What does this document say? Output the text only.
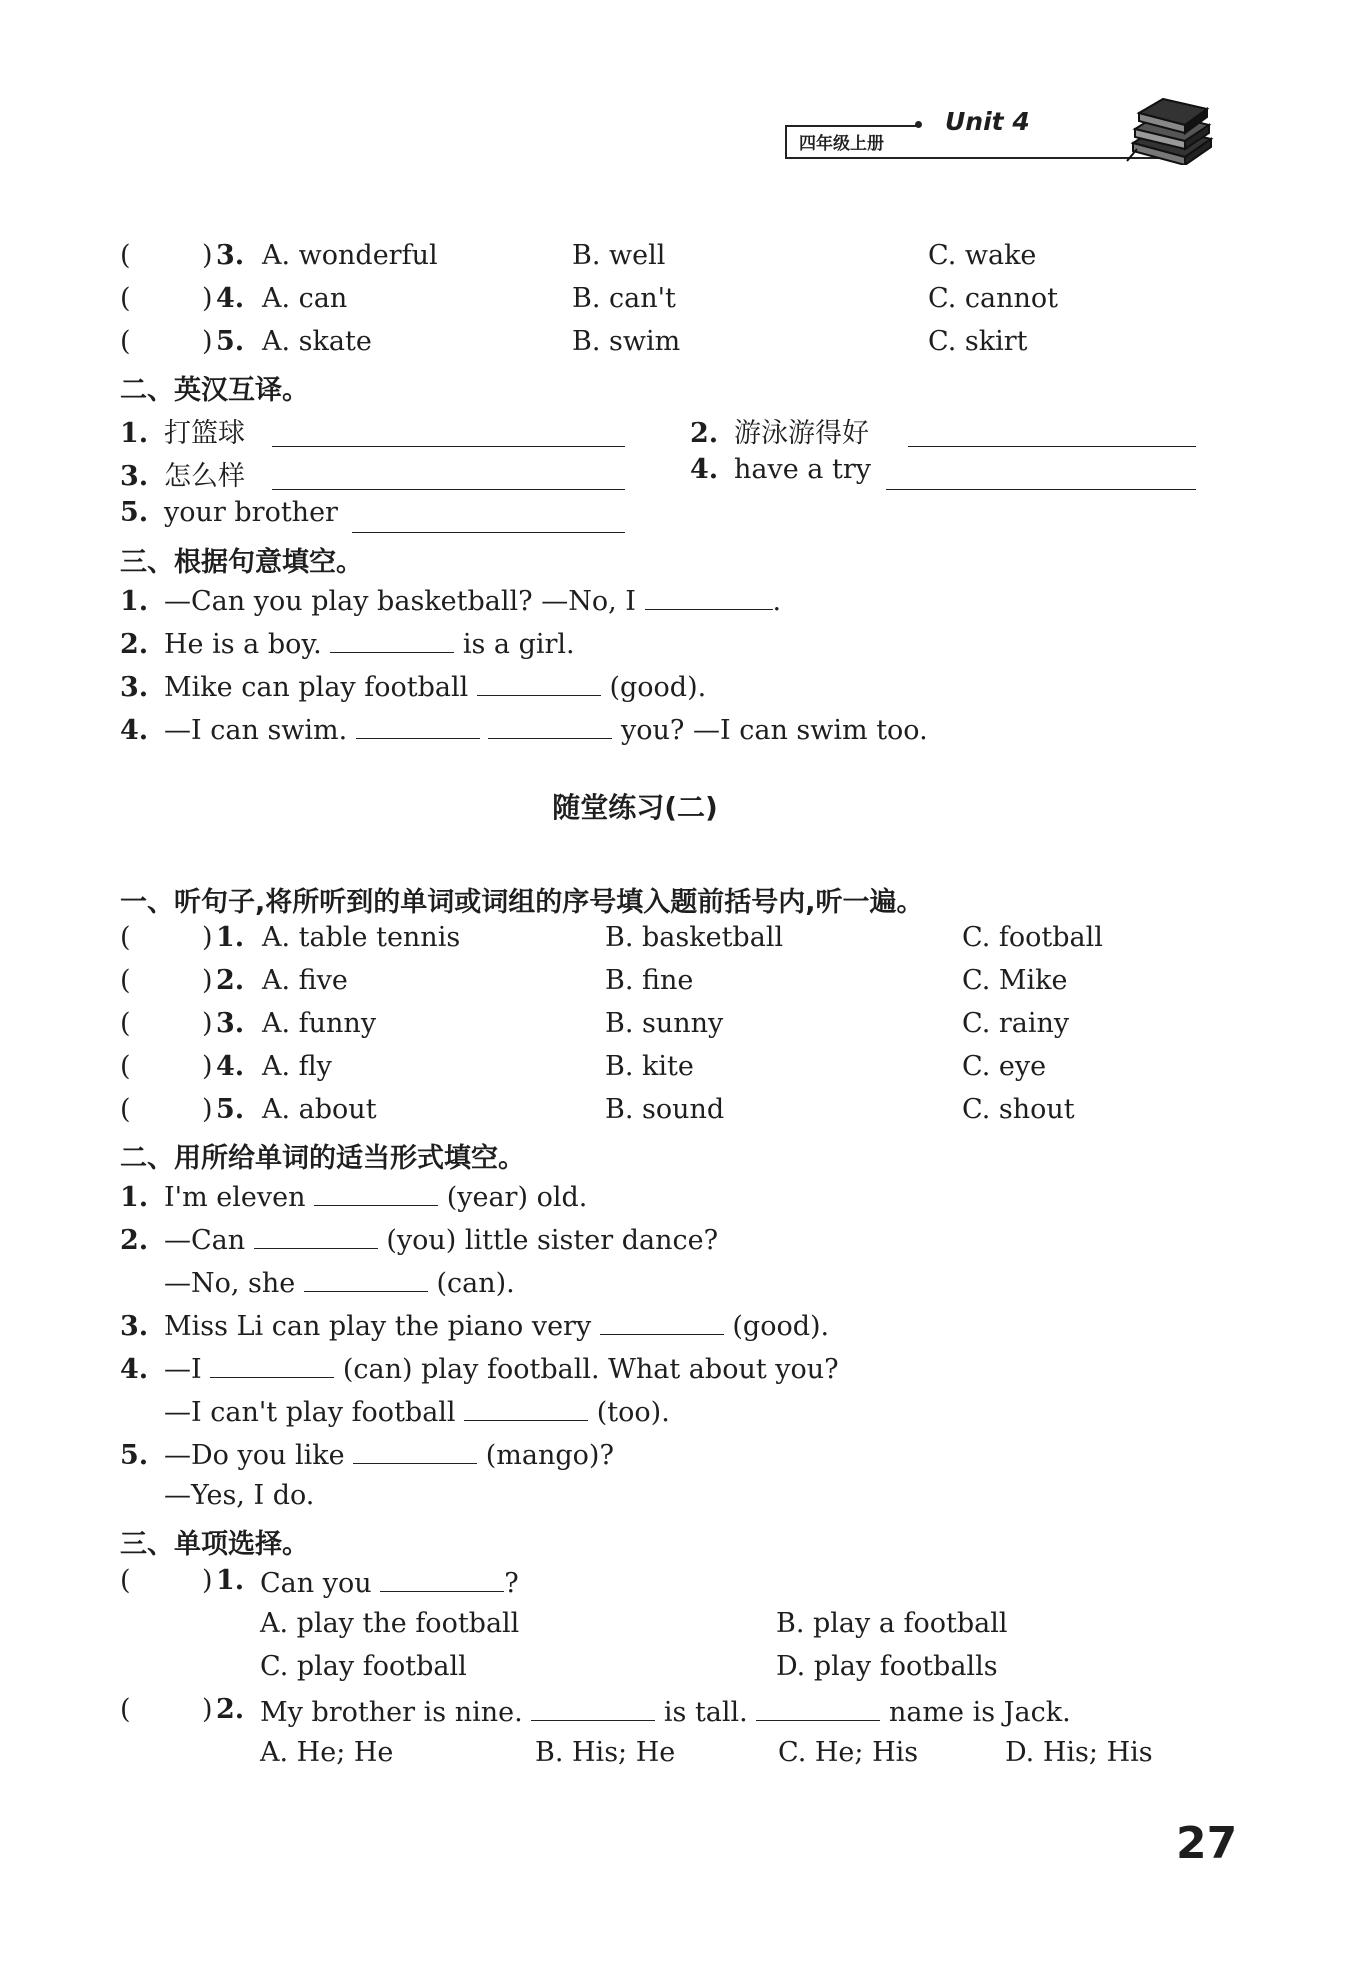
四年级上册
Unit 4
(	) 3. A. wonderful	B. well	C. wake
(	) 4. A. can	B. can't	C. cannot
(	) 5. A. skate	B. swim	C. skirt
二、英汉互译。
1. 打篮球	2. 游泳游得好
3. 怎么样	4. have a try
5. your brother
三、根据句意填空。
1. —Can you play basketball? —No, I	.
2. He is a boy.	is a girl.
3. Mike can play football	(good).
4. —I can swim.	you? —I can swim too.
随堂练习(二)
一、听句子,将所听到的单词或词组的序号填入题前括号内,听一遍。
(	) 1. A. table tennis	B. basketball	C. football
(	) 2. A. five	B. fine	C. Mike
(	) 3. A. funny	B. sunny	C. rainy
(	) 4. A. fly	B. kite	C. eye
(	) 5. A. about	B. sound	C. shout
二、用所给单词的适当形式填空。
1. I'm eleven	(year) old.
2. —Can	(you) little sister dance?
—No, she	(can).
3. Miss Li can play the piano very	(good).
4. —I	(can) play football. What about you?
—I can't play football	(too).
5. —Do you like	(mango)?
—Yes, I do.
三、单项选择。
(	) 1. Can you	?
A. play the football	B. play a football
C. play football	D. play footballs
(	) 2. My brother is nine.	is tall.	name is Jack.
A. He; He	B. His; He	C. He; His	D. His; His
27
